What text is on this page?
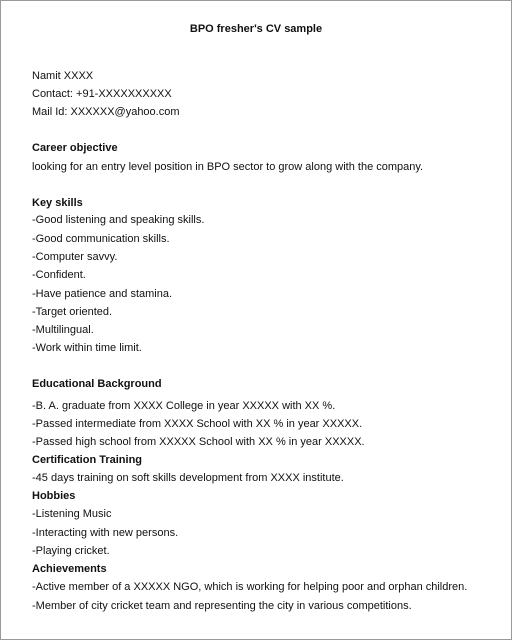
BPO fresher's CV sample
Namit XXXX
Contact: +91-XXXXXXXXXX
Mail Id: XXXXXX@yahoo.com
Career objective
looking for an entry level position in BPO sector to grow along with the company.
Key skills
-Good listening and speaking skills.
-Good communication skills.
-Computer savvy.
-Confident.
-Have patience and stamina.
-Target oriented.
-Multilingual.
-Work within time limit.
Educational Background
-B. A. graduate from XXXX College in year XXXXX with XX %.
-Passed intermediate from XXXX School with XX % in year XXXXX.
-Passed high school from XXXXX School with XX % in year XXXXX.
Certification Training
-45 days training on soft skills development from XXXX institute.
Hobbies
-Listening Music
-Interacting with new persons.
-Playing cricket.
Achievements
-Active member of a XXXXX NGO, which is working for helping poor and orphan children.
-Member of city cricket team and representing the city in various competitions.
